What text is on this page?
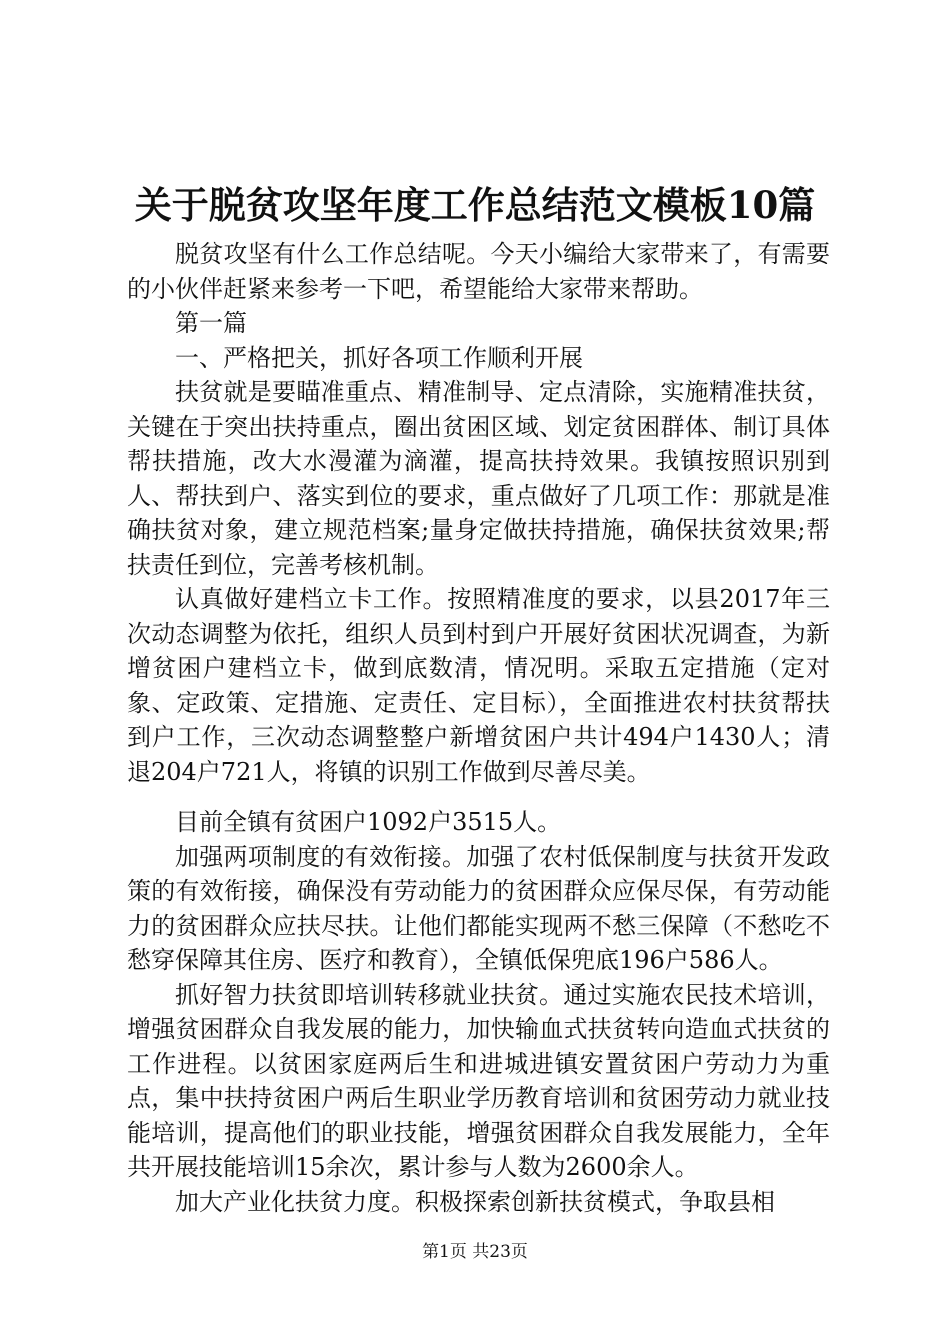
关于脱贫攻坚年度工作总结范文模板10篇

脱贫攻坚有什么工作总结呢。今天小编给大家带来了，有需要的小伙伴赶紧来参考一下吧，希望能给大家带来帮助。

第一篇

一、严格把关，抓好各项工作顺利开展

扶贫就是要瞄准重点、精准制导、定点清除，实施精准扶贫，关键在于突出扶持重点，圈出贫困区域、划定贫困群体、制订具体帮扶措施，改大水漫灌为滴灌，提高扶持效果。我镇按照识别到人、帮扶到户、落实到位的要求，重点做好了几项工作：那就是准确扶贫对象，建立规范档案;量身定做扶持措施，确保扶贫效果;帮扶责任到位，完善考核机制。

认真做好建档立卡工作。按照精准度的要求，以县2017年三次动态调整为依托，组织人员到村到户开展好贫困状况调查，为新增贫困户建档立卡，做到底数清，情况明。采取五定措施（定对象、定政策、定措施、定责任、定目标），全面推进农村扶贫帮扶到户工作，三次动态调整整户新增贫困户共计494户1430人；清退204户721人，将镇的识别工作做到尽善尽美。

目前全镇有贫困户1092户3515人。

加强两项制度的有效衔接。加强了农村低保制度与扶贫开发政策的有效衔接，确保没有劳动能力的贫困群众应保尽保，有劳动能力的贫困群众应扶尽扶。让他们都能实现两不愁三保障（不愁吃不愁穿保障其住房、医疗和教育），全镇低保兜底196户586人。

抓好智力扶贫即培训转移就业扶贫。通过实施农民技术培训，增强贫困群众自我发展的能力，加快输血式扶贫转向造血式扶贫的工作进程。以贫困家庭两后生和进城进镇安置贫困户劳动力为重点，集中扶持贫困户两后生职业学历教育培训和贫困劳动力就业技能培训，提高他们的职业技能，增强贫困群众自我发展能力，全年共开展技能培训15余次，累计参与人数为2600余人。

加大产业化扶贫力度。积极探索创新扶贫模式，争取县相

第1页 共23页
